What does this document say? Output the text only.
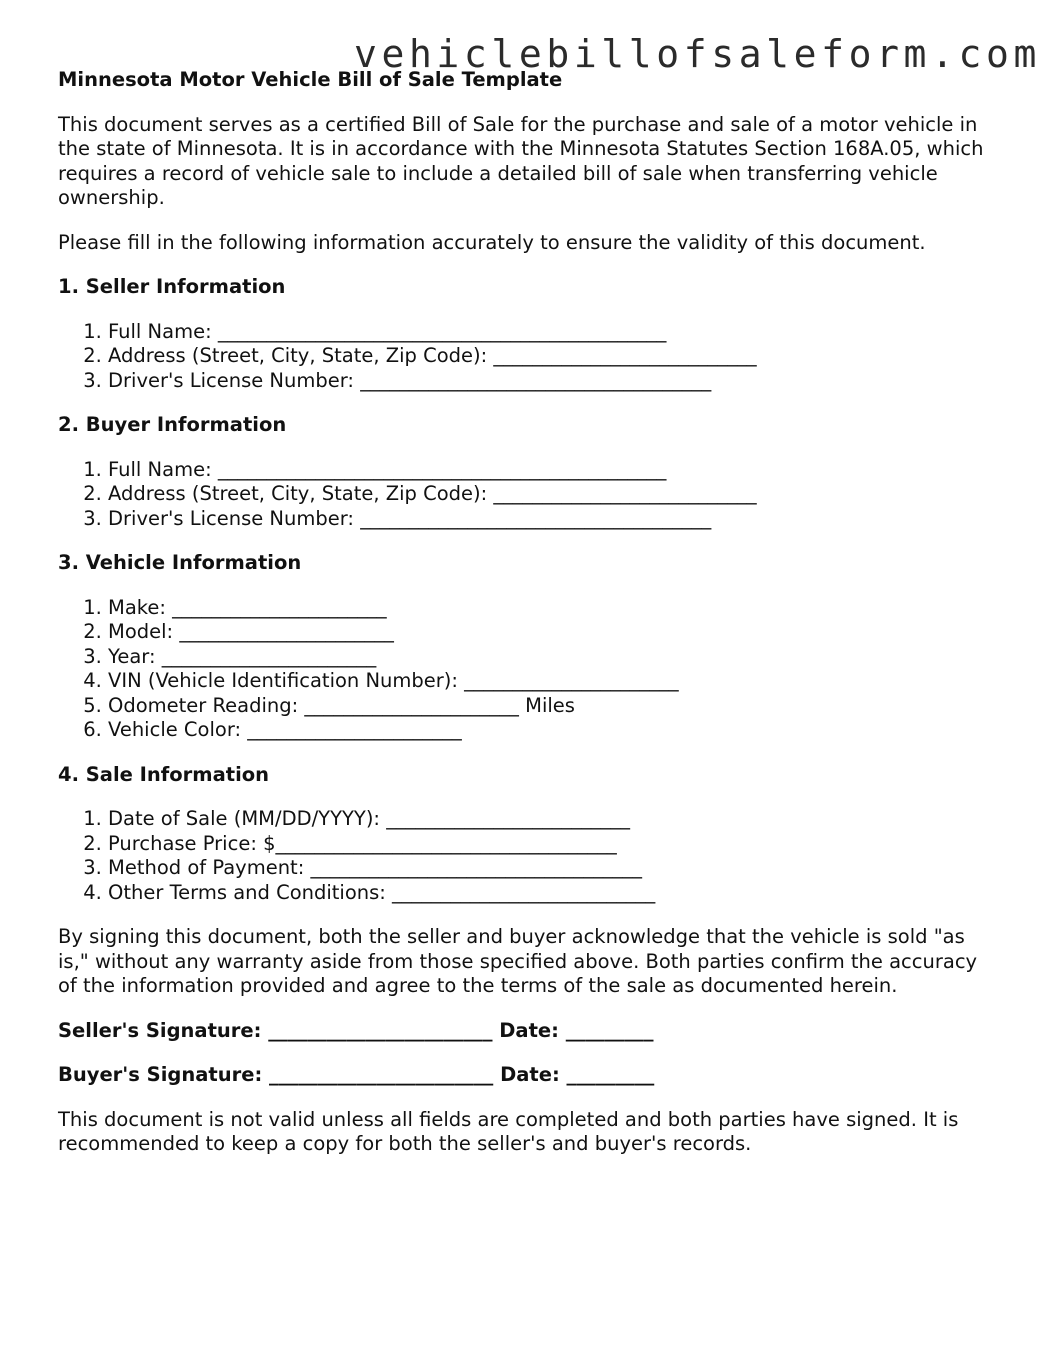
vehiclebillofsaleform.com
Minnesota Motor Vehicle Bill of Sale Template

This document serves as a certified Bill of Sale for the purchase and sale of a motor vehicle in the state of Minnesota. It is in accordance with the Minnesota Statutes Section 168A.05, which requires a record of vehicle sale to include a detailed bill of sale when transferring vehicle ownership.

Please fill in the following information accurately to ensure the validity of this document.

1. Seller Information
1. Full Name: ______________________________________________
2. Address (Street, City, State, Zip Code): ___________________________
3. Driver's License Number: ____________________________________
2. Buyer Information
1. Full Name: ______________________________________________
2. Address (Street, City, State, Zip Code): ___________________________
3. Driver's License Number: ____________________________________
3. Vehicle Information
1. Make: ______________________
2. Model: ______________________
3. Year: ______________________
4. VIN (Vehicle Identification Number): ______________________
5. Odometer Reading: ______________________ Miles
6. Vehicle Color: ______________________
4. Sale Information
1. Date of Sale (MM/DD/YYYY): _________________________
2. Purchase Price: $___________________________________
3. Method of Payment: __________________________________
4. Other Terms and Conditions: ___________________________

By signing this document, both the seller and buyer acknowledge that the vehicle is sold "as is," without any warranty aside from those specified above. Both parties confirm the accuracy of the information provided and agree to the terms of the sale as documented herein.

Seller's Signature: _______________________ Date: _________
Buyer's Signature: _______________________ Date: _________

This document is not valid unless all fields are completed and both parties have signed. It is recommended to keep a copy for both the seller's and buyer's records.
